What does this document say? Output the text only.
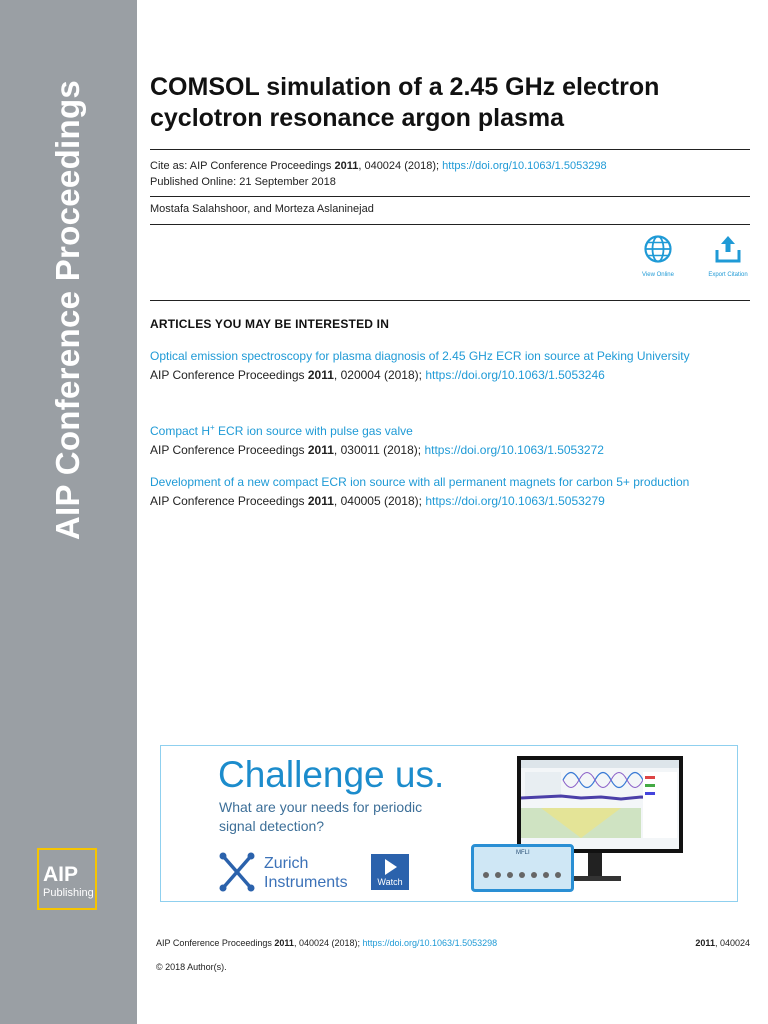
AIP Conference Proceedings
AIP
Publishing
COMSOL simulation of a 2.45 GHz electron cyclotron resonance argon plasma
Cite as: AIP Conference Proceedings 2011, 040024 (2018); https://doi.org/10.1063/1.5053298
Published Online: 21 September 2018
Mostafa Salahshoor, and Morteza Aslaninejad
View Online	Export Citation
ARTICLES YOU MAY BE INTERESTED IN
Optical emission spectroscopy for plasma diagnosis of 2.45 GHz ECR ion source at Peking University
AIP Conference Proceedings 2011, 020004 (2018); https://doi.org/10.1063/1.5053246
Compact H+ ECR ion source with pulse gas valve
AIP Conference Proceedings 2011, 030011 (2018); https://doi.org/10.1063/1.5053272
Development of a new compact ECR ion source with all permanent magnets for carbon 5+ production
AIP Conference Proceedings 2011, 040005 (2018); https://doi.org/10.1063/1.5053279
Challenge us.
What are your needs for periodic
signal detection?
Zurich
Instruments	Watch
MFLI
AIP Conference Proceedings 2011, 040024 (2018); https://doi.org/10.1063/1.5053298	2011, 040024
© 2018 Author(s).
